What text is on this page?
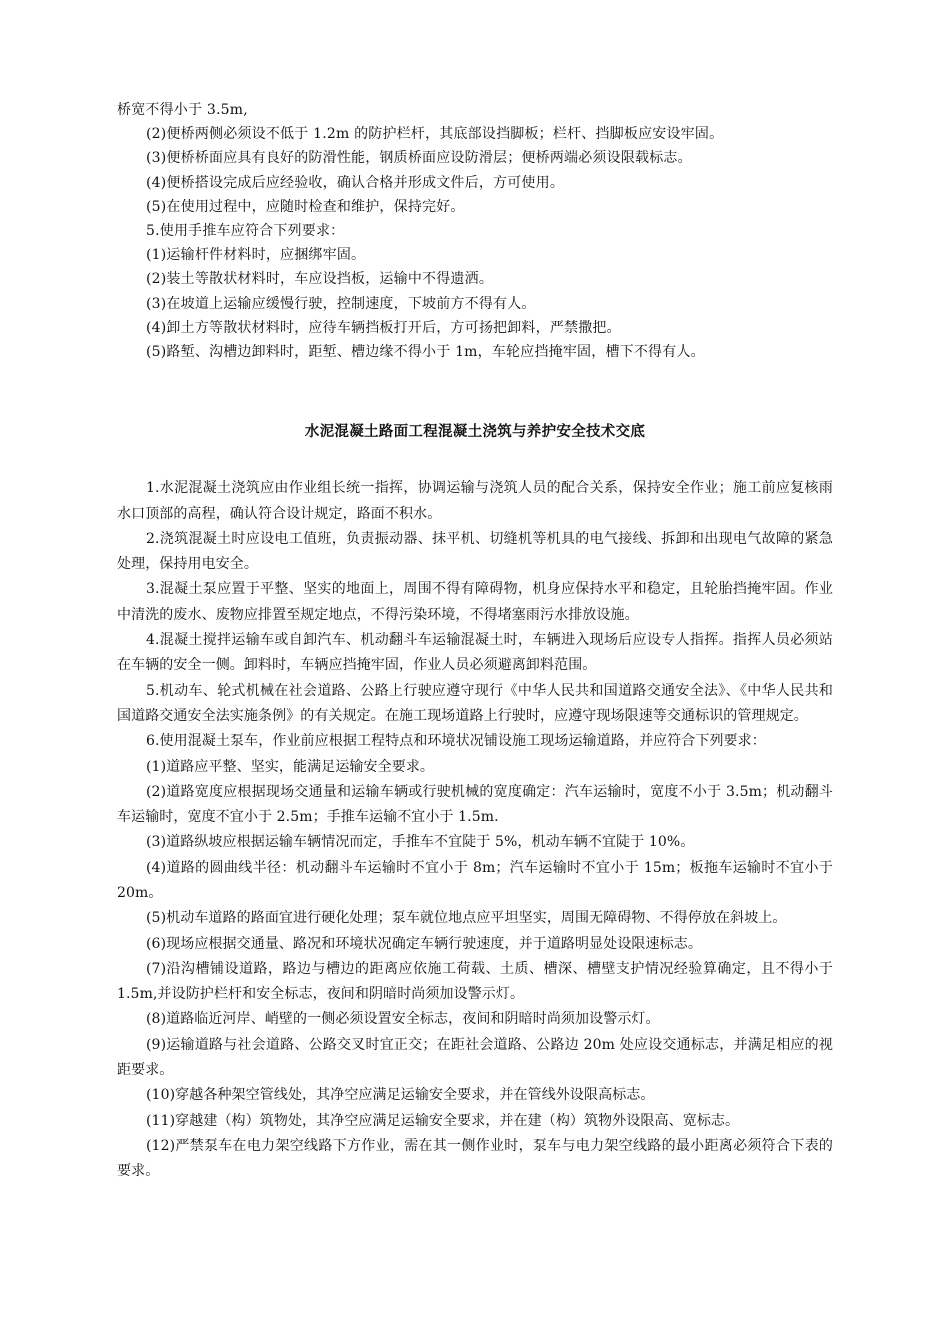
桥宽不得小于 3.5m,

(2)便桥两侧必须设不低于 1.2m 的防护栏杆，其底部设挡脚板；栏杆、挡脚板应安设牢固。

(3)便桥桥面应具有良好的防滑性能，钢质桥面应设防滑层；便桥两端必须设限载标志。

(4)便桥搭设完成后应经验收，确认合格并形成文件后，方可使用。

(5)在使用过程中，应随时检查和维护，保持完好。

5.使用手推车应符合下列要求：

(1)运输杆件材料时，应捆绑牢固。

(2)装土等散状材料时，车应设挡板，运输中不得遗洒。

(3)在坡道上运输应缓慢行驶，控制速度，下坡前方不得有人。

(4)卸土方等散状材料时，应待车辆挡板打开后，方可扬把卸料，严禁撒把。

(5)路堑、沟槽边卸料时，距堑、槽边缘不得小于 1m，车轮应挡掩牢固，槽下不得有人。

水泥混凝土路面工程混凝土浇筑与养护安全技术交底

1.水泥混凝土浇筑应由作业组长统一指挥，协调运输与浇筑人员的配合关系，保持安全作业；施工前应复核雨水口顶部的高程，确认符合设计规定，路面不积水。

2.浇筑混凝土时应设电工值班，负责振动器、抹平机、切缝机等机具的电气接线、拆卸和出现电气故障的紧急处理，保持用电安全。

3.混凝土泵应置于平整、坚实的地面上，周围不得有障碍物，机身应保持水平和稳定，且轮胎挡掩牢固。作业中清洗的废水、废物应排置至规定地点，不得污染环境，不得堵塞雨污水排放设施。

4.混凝土搅拌运输车或自卸汽车、机动翻斗车运输混凝土时，车辆进入现场后应设专人指挥。指挥人员必须站在车辆的安全一侧。卸料时，车辆应挡掩牢固，作业人员必须避离卸料范围。

5.机动车、轮式机械在社会道路、公路上行驶应遵守现行《中华人民共和国道路交通安全法》、《中华人民共和国道路交通安全法实施条例》的有关规定。在施工现场道路上行驶时，应遵守现场限速等交通标识的管理规定。

6.使用混凝土泵车，作业前应根据工程特点和环境状况铺设施工现场运输道路，并应符合下列要求：

(1)道路应平整、坚实，能满足运输安全要求。

(2)道路宽度应根据现场交通量和运输车辆或行驶机械的宽度确定：汽车运输时，宽度不小于 3.5m；机动翻斗车运输时，宽度不宜小于 2.5m；手推车运输不宜小于 1.5m.

(3)道路纵坡应根据运输车辆情况而定，手推车不宜陡于 5%，机动车辆不宜陡于 10%。

(4)道路的圆曲线半径：机动翻斗车运输时不宜小于 8m；汽车运输时不宜小于 15m；板拖车运输时不宜小于 20m。

(5)机动车道路的路面宜进行硬化处理；泵车就位地点应平坦坚实，周围无障碍物、不得停放在斜坡上。

(6)现场应根据交通量、路况和环境状况确定车辆行驶速度，并于道路明显处设限速标志。

(7)沿沟槽铺设道路，路边与槽边的距离应依施工荷载、土质、槽深、槽壁支护情况经验算确定，且不得小于 1.5m,并设防护栏杆和安全标志，夜间和阴暗时尚须加设警示灯。

(8)道路临近河岸、峭壁的一侧必须设置安全标志，夜间和阴暗时尚须加设警示灯。

(9)运输道路与社会道路、公路交叉时宜正交；在距社会道路、公路边 20m 处应设交通标志，并满足相应的视距要求。

(10)穿越各种架空管线处，其净空应满足运输安全要求，并在管线外设限高标志。

(11)穿越建（构）筑物处，其净空应满足运输安全要求，并在建（构）筑物外设限高、宽标志。

(12)严禁泵车在电力架空线路下方作业，需在其一侧作业时，泵车与电力架空线路的最小距离必须符合下表的要求。
